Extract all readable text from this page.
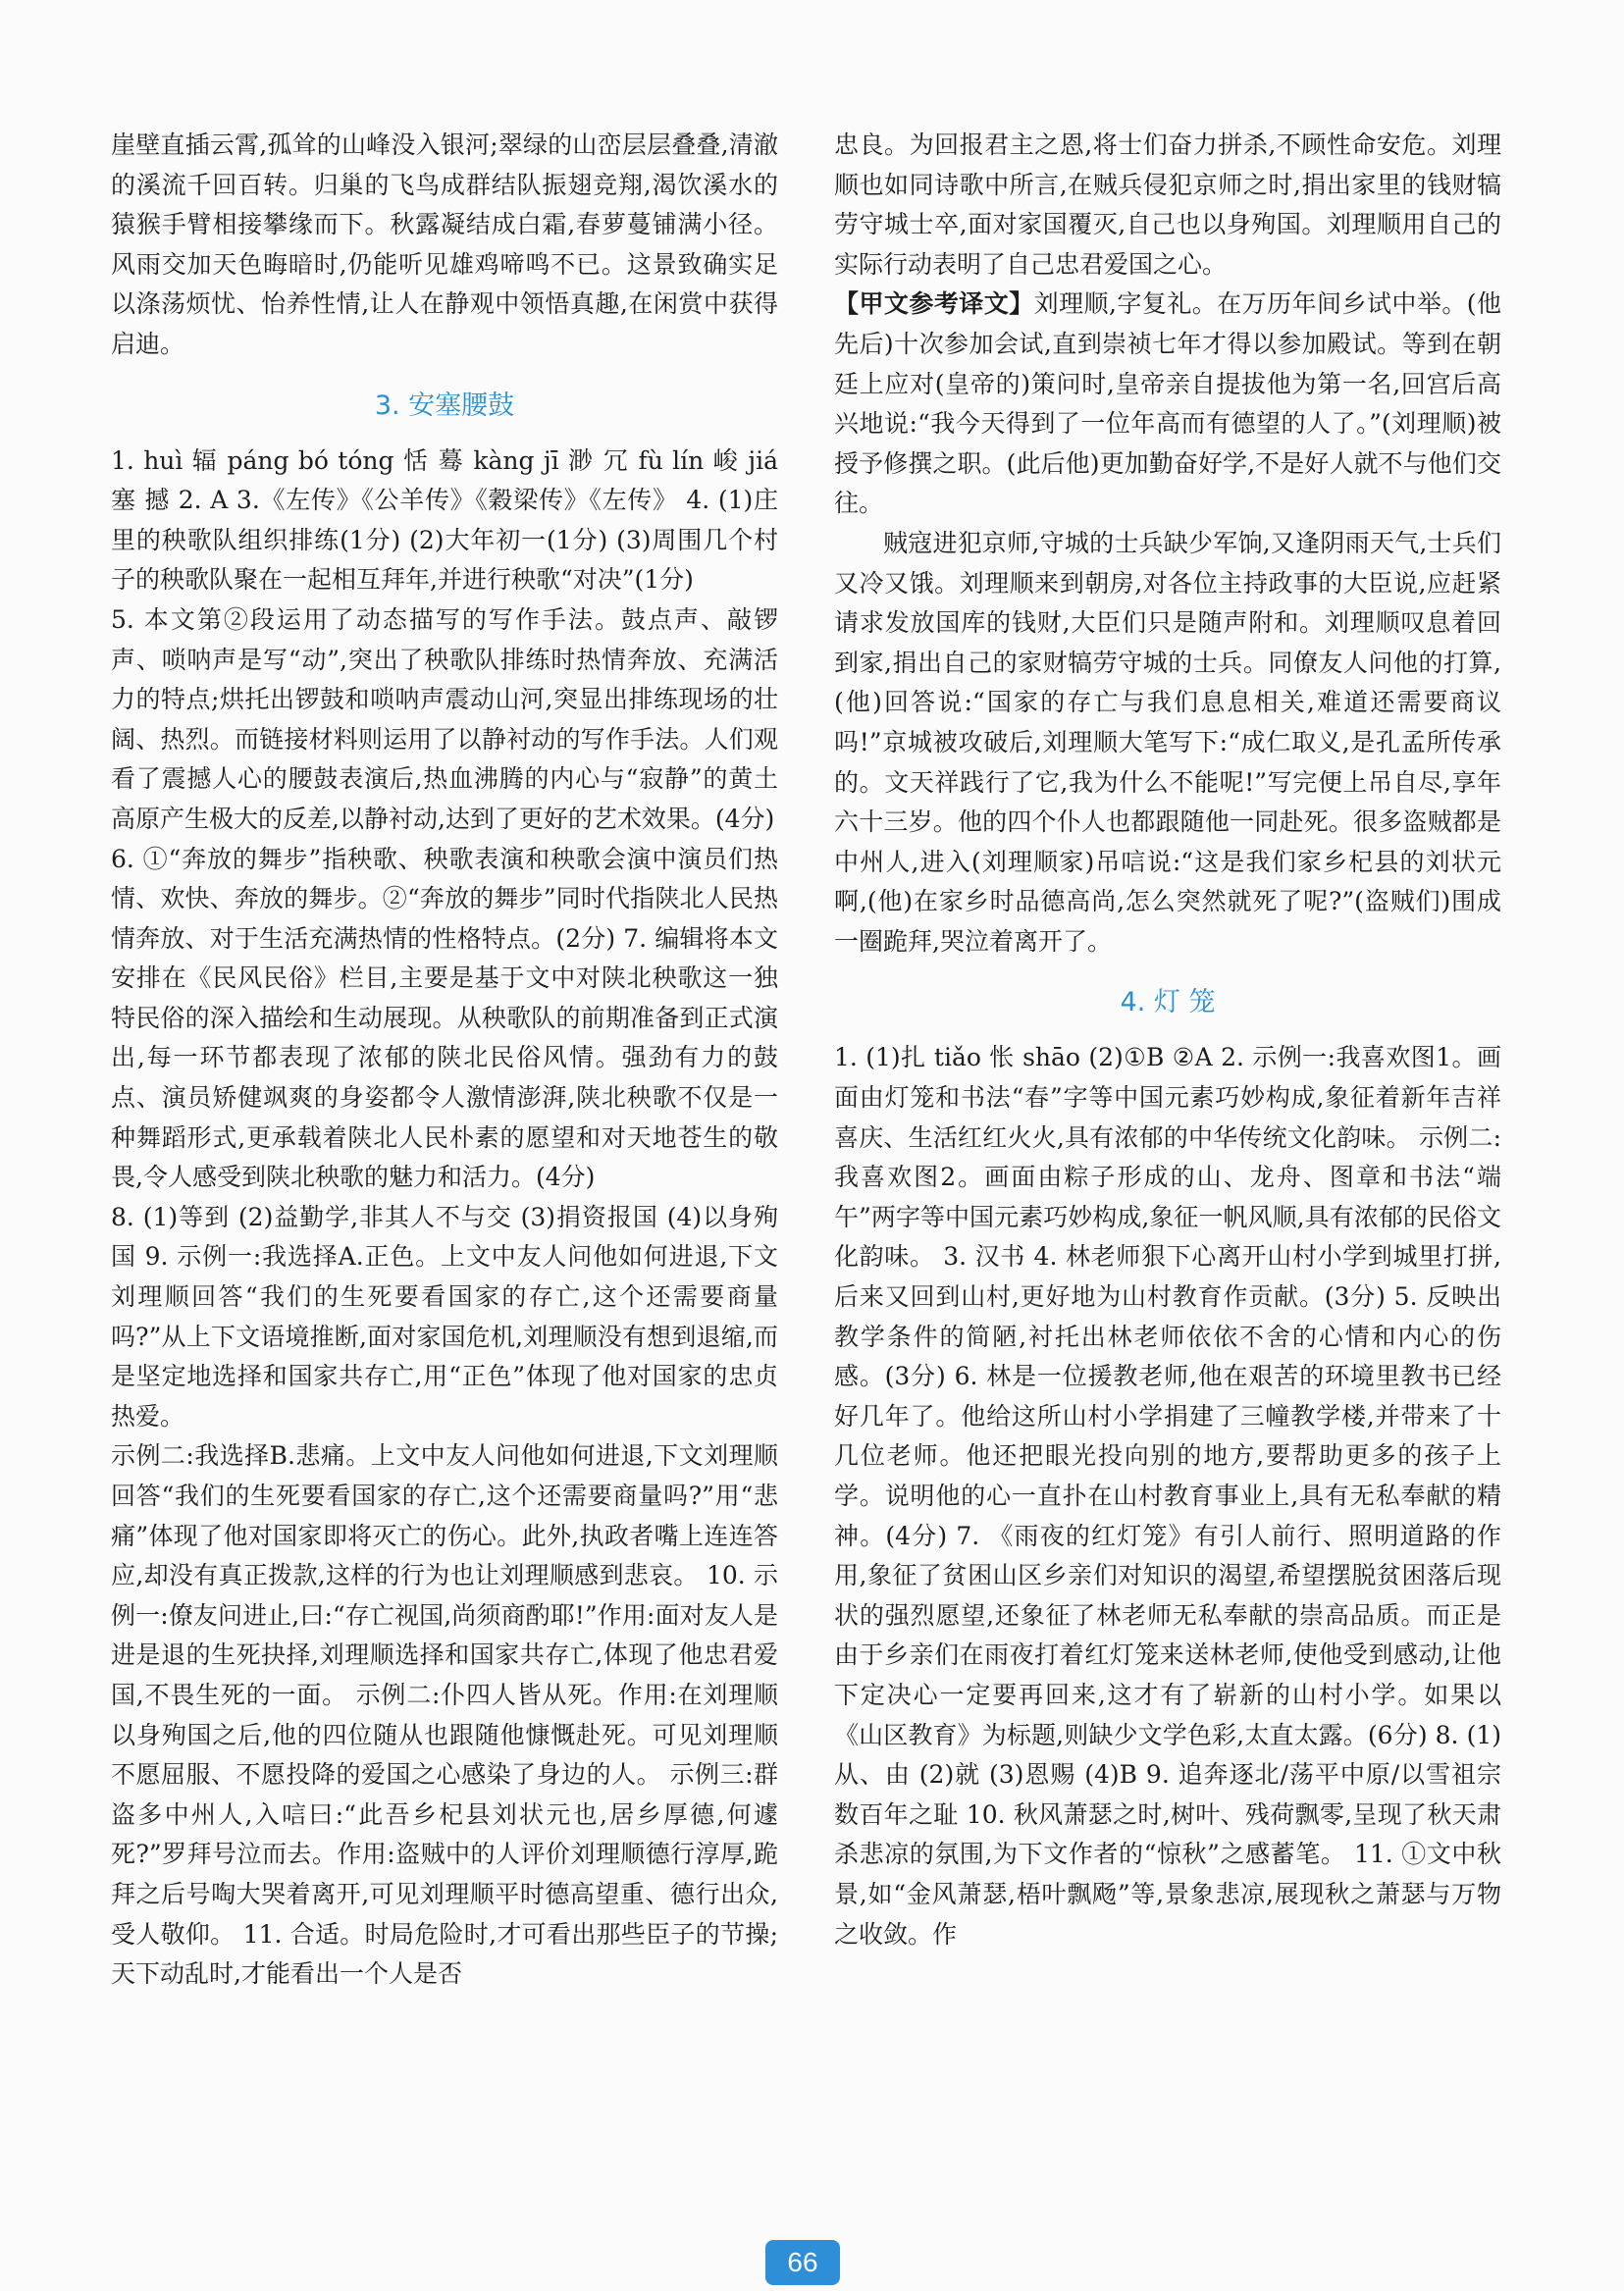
崖壁直插云霄,孤耸的山峰没入银河;翠绿的山峦层层叠叠,清澈的溪流千回百转。归巢的飞鸟成群结队振翅竞翔,渴饮溪水的猿猴手臂相接攀缘而下。秋露凝结成白霜,春萝蔓铺满小径。风雨交加天色晦暗时,仍能听见雄鸡啼鸣不已。这景致确实足以涤荡烦忧、怡养性情,让人在静观中领悟真趣,在闲赏中获得启迪。

3. 安塞腰鼓

1. huì 辐 páng bó tóng 恬 蓦 kàng jī 渺 冗 fù lín 峻 jiá 塞 撼 2. A 3.《左传》《公羊传》《穀梁传》《左传》 4. (1)庄里的秧歌队组织排练(1分) (2)大年初一(1分) (3)周围几个村子的秧歌队聚在一起相互拜年,并进行秧歌“对决”(1分)

5. 本文第②段运用了动态描写的写作手法。鼓点声、敲锣声、唢呐声是写“动”,突出了秧歌队排练时热情奔放、充满活力的特点;烘托出锣鼓和唢呐声震动山河,突显出排练现场的壮阔、热烈。而链接材料则运用了以静衬动的写作手法。人们观看了震撼人心的腰鼓表演后,热血沸腾的内心与“寂静”的黄土高原产生极大的反差,以静衬动,达到了更好的艺术效果。(4分)

6. ①“奔放的舞步”指秧歌、秧歌表演和秧歌会演中演员们热情、欢快、奔放的舞步。②“奔放的舞步”同时代指陕北人民热情奔放、对于生活充满热情的性格特点。(2分) 7. 编辑将本文安排在《民风民俗》栏目,主要是基于文中对陕北秧歌这一独特民俗的深入描绘和生动展现。从秧歌队的前期准备到正式演出,每一环节都表现了浓郁的陕北民俗风情。强劲有力的鼓点、演员矫健飒爽的身姿都令人激情澎湃,陕北秧歌不仅是一种舞蹈形式,更承载着陕北人民朴素的愿望和对天地苍生的敬畏,令人感受到陕北秧歌的魅力和活力。(4分)

8. (1)等到 (2)益勤学,非其人不与交 (3)捐资报国 (4)以身殉国 9. 示例一:我选择A.正色。上文中友人问他如何进退,下文刘理顺回答“我们的生死要看国家的存亡,这个还需要商量吗?”从上下文语境推断,面对家国危机,刘理顺没有想到退缩,而是坚定地选择和国家共存亡,用“正色”体现了他对国家的忠贞热爱。

示例二:我选择B.悲痛。上文中友人问他如何进退,下文刘理顺回答“我们的生死要看国家的存亡,这个还需要商量吗?”用“悲痛”体现了他对国家即将灭亡的伤心。此外,执政者嘴上连连答应,却没有真正拨款,这样的行为也让刘理顺感到悲哀。 10. 示例一:僚友问进止,曰:“存亡视国,尚须商酌耶!”作用:面对友人是进是退的生死抉择,刘理顺选择和国家共存亡,体现了他忠君爱国,不畏生死的一面。 示例二:仆四人皆从死。作用:在刘理顺以身殉国之后,他的四位随从也跟随他慷慨赴死。可见刘理顺不愿屈服、不愿投降的爱国之心感染了身边的人。 示例三:群盗多中州人,入唁曰:“此吾乡杞县刘状元也,居乡厚德,何遽死?”罗拜号泣而去。作用:盗贼中的人评价刘理顺德行淳厚,跪拜之后号啕大哭着离开,可见刘理顺平时德高望重、德行出众,受人敬仰。 11. 合适。时局危险时,才可看出那些臣子的节操;天下动乱时,才能看出一个人是否

忠良。为回报君主之恩,将士们奋力拼杀,不顾性命安危。刘理顺也如同诗歌中所言,在贼兵侵犯京师之时,捐出家里的钱财犒劳守城士卒,面对家国覆灭,自己也以身殉国。刘理顺用自己的实际行动表明了自己忠君爱国之心。

【甲文参考译文】刘理顺,字复礼。在万历年间乡试中举。(他先后)十次参加会试,直到崇祯七年才得以参加殿试。等到在朝廷上应对(皇帝的)策问时,皇帝亲自提拔他为第一名,回宫后高兴地说:“我今天得到了一位年高而有德望的人了。”(刘理顺)被授予修撰之职。(此后他)更加勤奋好学,不是好人就不与他们交往。

贼寇进犯京师,守城的士兵缺少军饷,又逢阴雨天气,士兵们又冷又饿。刘理顺来到朝房,对各位主持政事的大臣说,应赶紧请求发放国库的钱财,大臣们只是随声附和。刘理顺叹息着回到家,捐出自己的家财犒劳守城的士兵。同僚友人问他的打算,(他)回答说:“国家的存亡与我们息息相关,难道还需要商议吗!”京城被攻破后,刘理顺大笔写下:“成仁取义,是孔孟所传承的。文天祥践行了它,我为什么不能呢!”写完便上吊自尽,享年六十三岁。他的四个仆人也都跟随他一同赴死。很多盗贼都是中州人,进入(刘理顺家)吊唁说:“这是我们家乡杞县的刘状元啊,(他)在家乡时品德高尚,怎么突然就死了呢?”(盗贼们)围成一圈跪拜,哭泣着离开了。

4. 灯 笼

1. (1)扎 tiǎo 怅 shāo (2)①B ②A 2. 示例一:我喜欢图1。画面由灯笼和书法“春”字等中国元素巧妙构成,象征着新年吉祥喜庆、生活红红火火,具有浓郁的中华传统文化韵味。 示例二:我喜欢图2。画面由粽子形成的山、龙舟、图章和书法“端午”两字等中国元素巧妙构成,象征一帆风顺,具有浓郁的民俗文化韵味。 3. 汉书 4. 林老师狠下心离开山村小学到城里打拼,后来又回到山村,更好地为山村教育作贡献。(3分) 5. 反映出教学条件的简陋,衬托出林老师依依不舍的心情和内心的伤感。(3分) 6. 林是一位援教老师,他在艰苦的环境里教书已经好几年了。他给这所山村小学捐建了三幢教学楼,并带来了十几位老师。他还把眼光投向别的地方,要帮助更多的孩子上学。说明他的心一直扑在山村教育事业上,具有无私奉献的精神。(4分) 7. 《雨夜的红灯笼》有引人前行、照明道路的作用,象征了贫困山区乡亲们对知识的渴望,希望摆脱贫困落后现状的强烈愿望,还象征了林老师无私奉献的崇高品质。而正是由于乡亲们在雨夜打着红灯笼来送林老师,使他受到感动,让他下定决心一定要再回来,这才有了崭新的山村小学。如果以《山区教育》为标题,则缺少文学色彩,太直太露。(6分) 8. (1)从、由 (2)就 (3)恩赐 (4)B 9. 追奔逐北/荡平中原/以雪祖宗数百年之耻 10. 秋风萧瑟之时,树叶、残荷飘零,呈现了秋天肃杀悲凉的氛围,为下文作者的“惊秋”之感蓄笔。 11. ①文中秋景,如“金风萧瑟,梧叶飘飏”等,景象悲凉,展现秋之萧瑟与万物之收敛。作

66
